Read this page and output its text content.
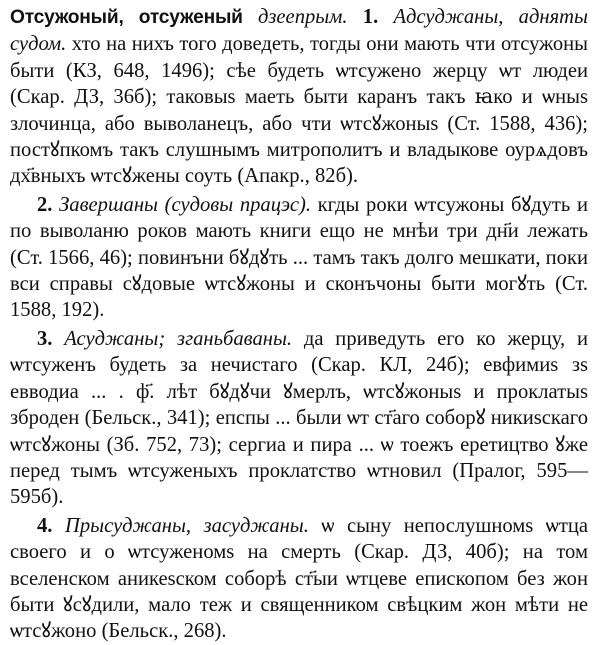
Отсужоный, отсуженый дзеепрым. 1. Адсуджаны, адняты судом. хто на нихъ того доведеть, тогды они мають чти отсужоны быти (КЗ, 648, 1496); сѣе будеть ѡтсужено жерцу ѡт людеи (Скар. ДЗ, 36б); таковыѕ маеть быти каранъ такъ ꙗко и ѡныѕ злочинца, або выволанецъ, або чти ѡтсꙋжоныѕ (Ст. 1588, 436); постꙋпкомъ такъ слушнымъ митрополитъ и владыкове оурѧдовъ дх҃вныхъ ѡтсꙋжены соуть (Апакр., 82б).

2. Завершаны (судовы працэс). кгды роки ѡтсужоны бꙋдуть и по выволаню роков мають книги ещо не мнѣи три дн҃и лежать (Ст. 1566, 46); повинъни бꙋдꙋть ... тамъ такъ долго мешкати, поки вси справы сꙋдовые ѡтсꙋжоны и сконъчоны быти могꙋть (Ст. 1588, 192).

3. Асуджаны; зганьбаваны. да приведуть его ко жерцу, и ѡтсуженъ будеть за нечистаго (Скар. КЛ, 24б); евфимиѕ зѕ евводиа ... . ф҃. лѣт бꙋдꙋчи ꙋмерлъ, ѡтсꙋжоныѕ и проклатыѕ зброден (Бельск., 341); епспы ... были ѡт ст҃аго соборꙋ никиѕскаго ѡтсꙋжоны (Зб. 752, 73); сергиа и пира ... ѡ тоежъ еретицтво ꙋже перед тымъ ѡтсуженыхъ проклатство ѡтновил (Пралог, 595—595б).

4. Прысуджаны, засуджаны. ѡ сыну непослушномѕ ѡтца своего и о ѡтсуженомѕ на смерть (Скар. ДЗ, 40б); на том вселенском аникеѕском соборѣ ст҃ыи ѡтцеве епископом без жон быти ꙋсꙋдили, мало теж и священником свѣцким жон мѣти не ѡтсꙋжоно (Бельск., 268).
